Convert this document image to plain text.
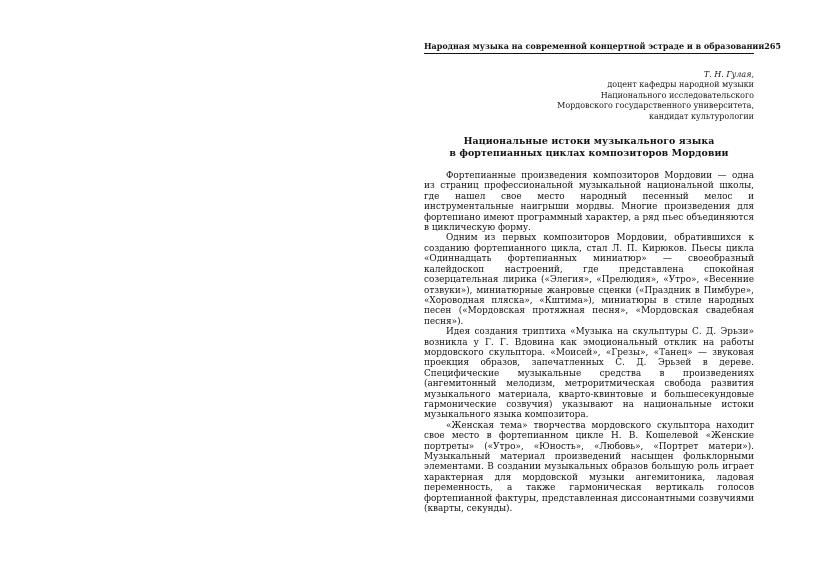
Народная музыка на современной концертной эстраде и в образовании 265
Т. Н. Гулая,
доцент кафедры народной музыки
Национального исследовательского
Мордовского государственного университета,
кандидат культурологии
Национальные истоки музыкального языка
в фортепианных циклах композиторов Мордовии

Фортепианные произведения композиторов Мордовии — одна из страниц профессиональной музыкальной национальной школы, где нашел свое место народный песенный мелос и инструментальные наигрыши мордвы. Многие произведения для фортепиано имеют программный характер, а ряд пьес объединяются в циклическую форму.

Одним из первых композиторов Мордовии, обратившихся к созданию фортепианного цикла, стал Л. П. Кирюков. Пьесы цикла «Одиннадцать фортепианных миниатюр» — своеобразный калейдоскоп настроений, где представлена спокойная созерцательная лирика («Элегия», «Прелюдия», «Утро», «Весенние отзвуки»), миниатюрные жанровые сценки («Праздник в Пимбуре», «Хороводная пляска», «Кштима»), миниатюры в стиле народных песен («Мордовская протяжная песня», «Мордовская свадебная песня»).

Идея создания триптиха «Музыка на скульптуры С. Д. Эрьзи» возникла у Г. Г. Вдовина как эмоциональный отклик на работы мордовского скульптора. «Моисей», «Грезы», «Танец» — звуковая проекция образов, запечатленных С. Д. Эрьзей в дереве. Специфические музыкальные средства в произведениях (ангемитонный мелодизм, метроритмическая свобода развития музыкального материала, кварто-квинтовые и большесекундовые гармонические созвучия) указывают на национальные истоки музыкального языка композитора.

«Женская тема» творчества мордовского скульптора находит свое место в фортепианном цикле Н. В. Кошелевой «Женские портреты» («Утро», «Юность», «Любовь», «Портрет матери»). Музыкальный материал произведений насыщен фольклорными элементами. В создании музыкальных образов большую роль играет характерная для мордовской музыки ангемитоника, ладовая переменность, а также гармоническая вертикаль голосов фортепианной фактуры, представленная диссонантными созвучиями (кварты, секунды).
